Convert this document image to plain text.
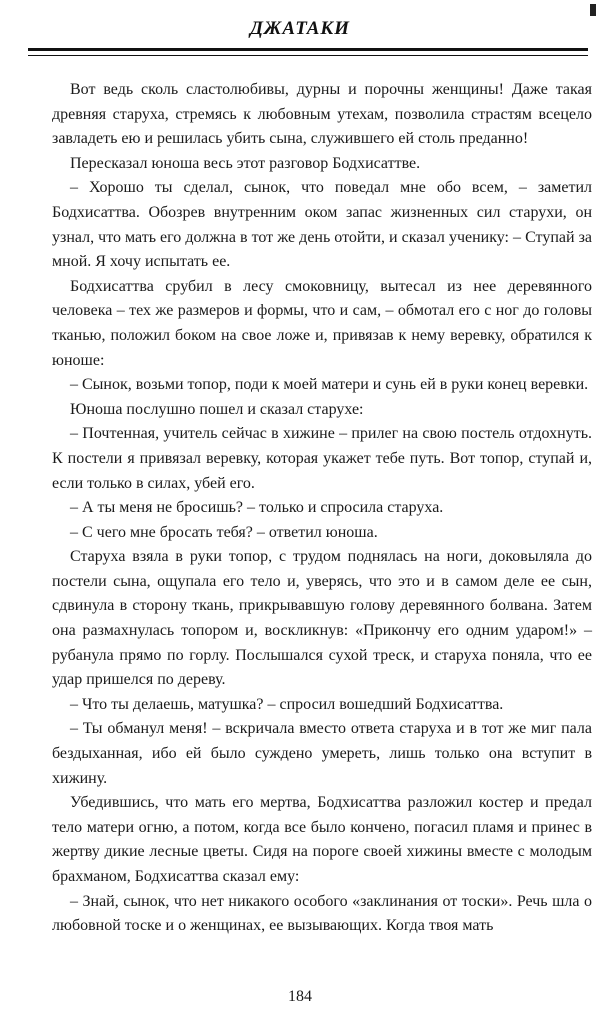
ДЖАТАКИ

Вот ведь сколь сластолюбивы, дурны и порочны женщины! Даже такая древняя старуха, стремясь к любовным утехам, позволила страстям всецело завладеть ею и решилась убить сына, служившего ей столь преданно!

Пересказал юноша весь этот разговор Бодхисаттве.

– Хорошо ты сделал, сынок, что поведал мне обо всем, – заметил Бодхисаттва. Обозрев внутренним оком запас жизненных сил старухи, он узнал, что мать его должна в тот же день отойти, и сказал ученику: – Ступай за мной. Я хочу испытать ее.

Бодхисаттва срубил в лесу смоковницу, вытесал из нее деревянного человека – тех же размеров и формы, что и сам, – обмотал его с ног до головы тканью, положил боком на свое ложе и, привязав к нему веревку, обратился к юноше:

– Сынок, возьми топор, поди к моей матери и сунь ей в руки конец веревки.

Юноша послушно пошел и сказал старухе:

– Почтенная, учитель сейчас в хижине – прилег на свою постель отдохнуть. К постели я привязал веревку, которая укажет тебе путь. Вот топор, ступай и, если только в силах, убей его.

– А ты меня не бросишь? – только и спросила старуха.

– С чего мне бросать тебя? – ответил юноша.

Старуха взяла в руки топор, с трудом поднялась на ноги, доковыляла до постели сына, ощупала его тело и, уверясь, что это и в самом деле ее сын, сдвинула в сторону ткань, прикрывавшую голову деревянного болвана. Затем она размахнулась топором и, воскликнув: «Прикончу его одним ударом!» – рубанула прямо по горлу. Послышался сухой треск, и старуха поняла, что ее удар пришелся по дереву.

– Что ты делаешь, матушка? – спросил вошедший Бодхисаттва.

– Ты обманул меня! – вскричала вместо ответа старуха и в тот же миг пала бездыханная, ибо ей было суждено умереть, лишь только она вступит в хижину.

Убедившись, что мать его мертва, Бодхисаттва разложил костер и предал тело матери огню, а потом, когда все было кончено, погасил пламя и принес в жертву дикие лесные цветы. Сидя на пороге своей хижины вместе с молодым брахманом, Бодхисаттва сказал ему:

– Знай, сынок, что нет никакого особого «заклинания от тоски». Речь шла о любовной тоске и о женщинах, ее вызывающих. Когда твоя мать

184
